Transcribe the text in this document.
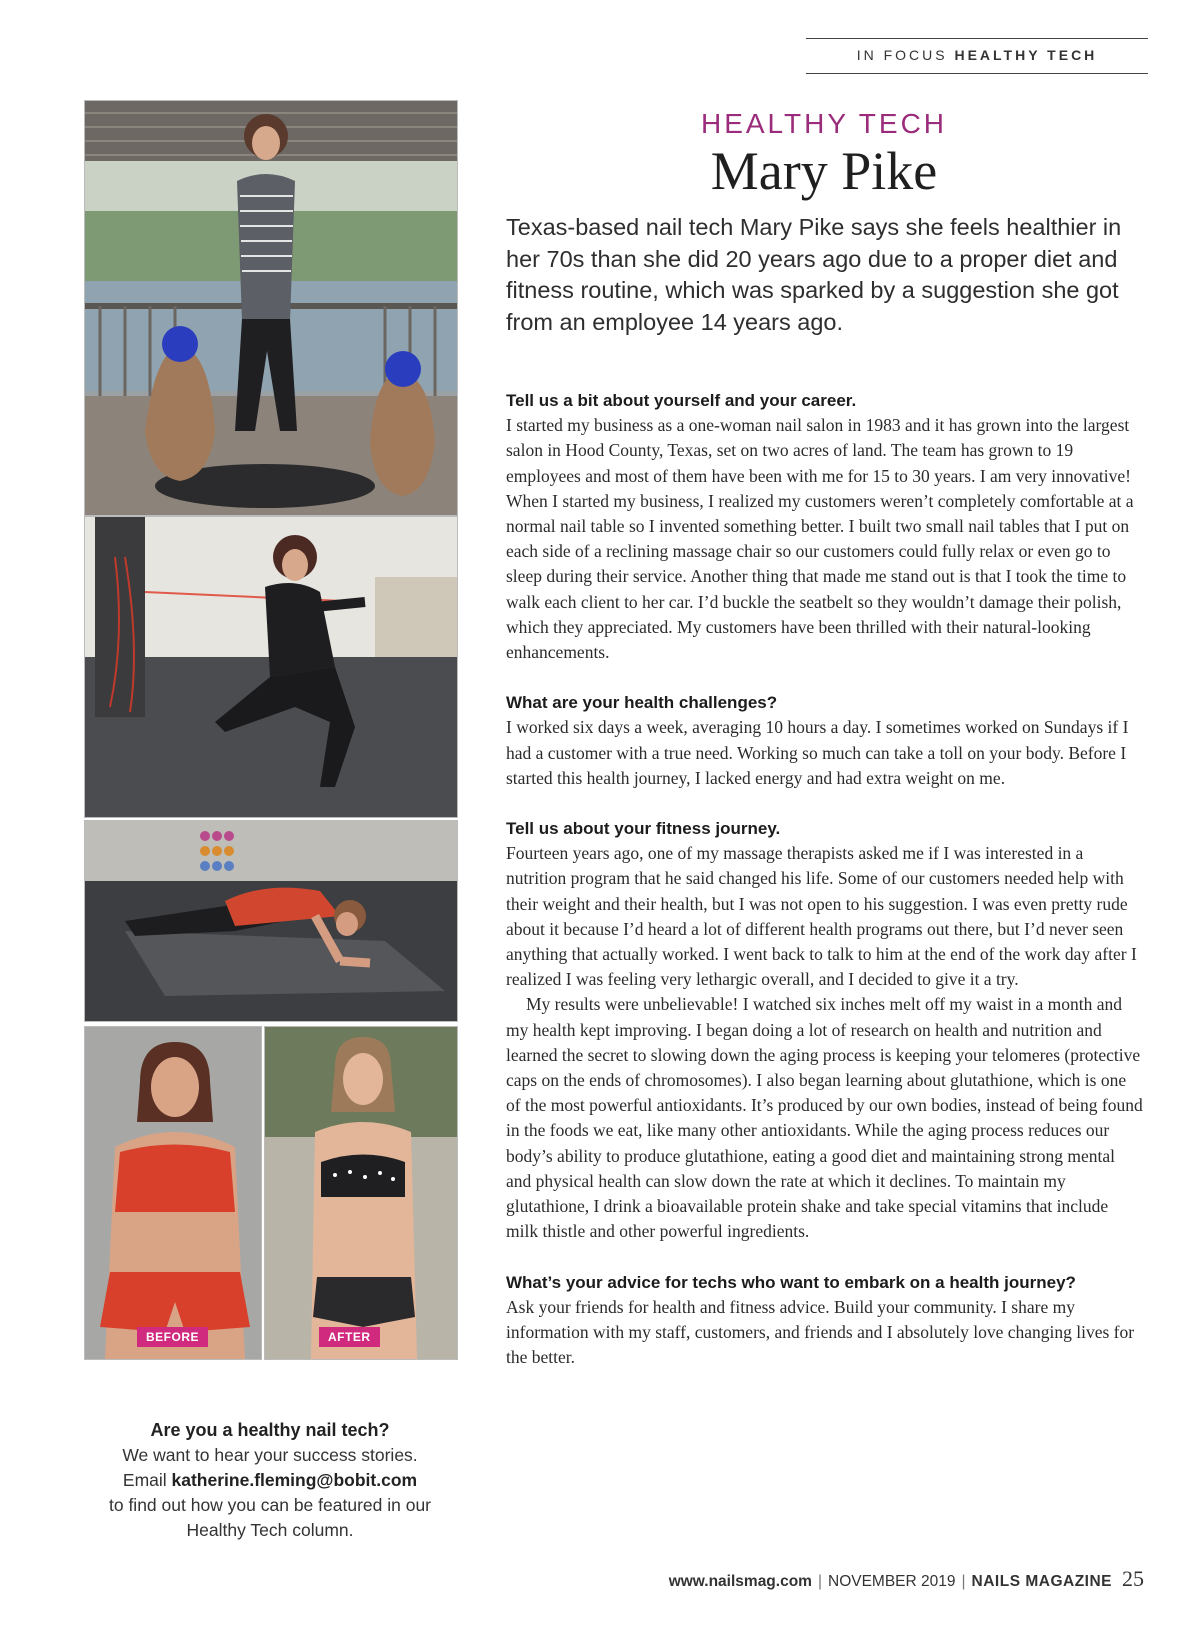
IN FOCUS HEALTHY TECH
BEFORE	AFTER
Are you a healthy nail tech?
We want to hear your success stories.
Email katherine.fleming@bobit.com
to find out how you can be featured in our Healthy Tech column.
HEALTHY TECH
Mary Pike
Texas-based nail tech Mary Pike says she feels healthier in her 70s than she did 20 years ago due to a proper diet and fitness routine, which was sparked by a suggestion she got from an employee 14 years ago.

Tell us a bit about yourself and your career.

I started my business as a one-woman nail salon in 1983 and it has grown into the largest salon in Hood County, Texas, set on two acres of land. The team has grown to 19 employees and most of them have been with me for 15 to 30 years. I am very innovative! When I started my business, I realized my customers weren’t completely comfortable at a normal nail table so I invented something better. I built two small nail tables that I put on each side of a reclining massage chair so our customers could fully relax or even go to sleep during their service. Another thing that made me stand out is that I took the time to walk each client to her car. I’d buckle the seatbelt so they wouldn’t damage their polish, which they appreciated. My customers have been thrilled with their natural-looking enhancements.

What are your health challenges?

I worked six days a week, averaging 10 hours a day. I sometimes worked on Sundays if I had a customer with a true need. Working so much can take a toll on your body. Before I started this health journey, I lacked energy and had extra weight on me.

Tell us about your fitness journey.

Fourteen years ago, one of my massage therapists asked me if I was interested in a nutrition program that he said changed his life. Some of our customers needed help with their weight and their health, but I was not open to his suggestion. I was even pretty rude about it because I’d heard a lot of different health programs out there, but I’d never seen anything that actually worked. I went back to talk to him at the end of the work day after I realized I was feeling very lethargic overall, and I decided to give it a try.

My results were unbelievable! I watched six inches melt off my waist in a month and my health kept improving. I began doing a lot of research on health and nutrition and learned the secret to slowing down the aging process is keeping your telomeres (protective caps on the ends of chromosomes). I also began learning about glutathione, which is one of the most powerful antioxidants. It’s produced by our own bodies, instead of being found in the foods we eat, like many other antioxidants. While the aging process reduces our body’s ability to produce glutathione, eating a good diet and maintaining strong mental and physical health can slow down the rate at which it declines. To maintain my glutathione, I drink a bioavailable protein shake and take special vitamins that include milk thistle and other powerful ingredients.

What’s your advice for techs who want to embark on a health journey?

Ask your friends for health and fitness advice. Build your community. I share my information with my staff, customers, and friends and I absolutely love changing lives for the better.

www.nailsmag.com | NOVEMBER 2019 | NAILS MAGAZINE 25
